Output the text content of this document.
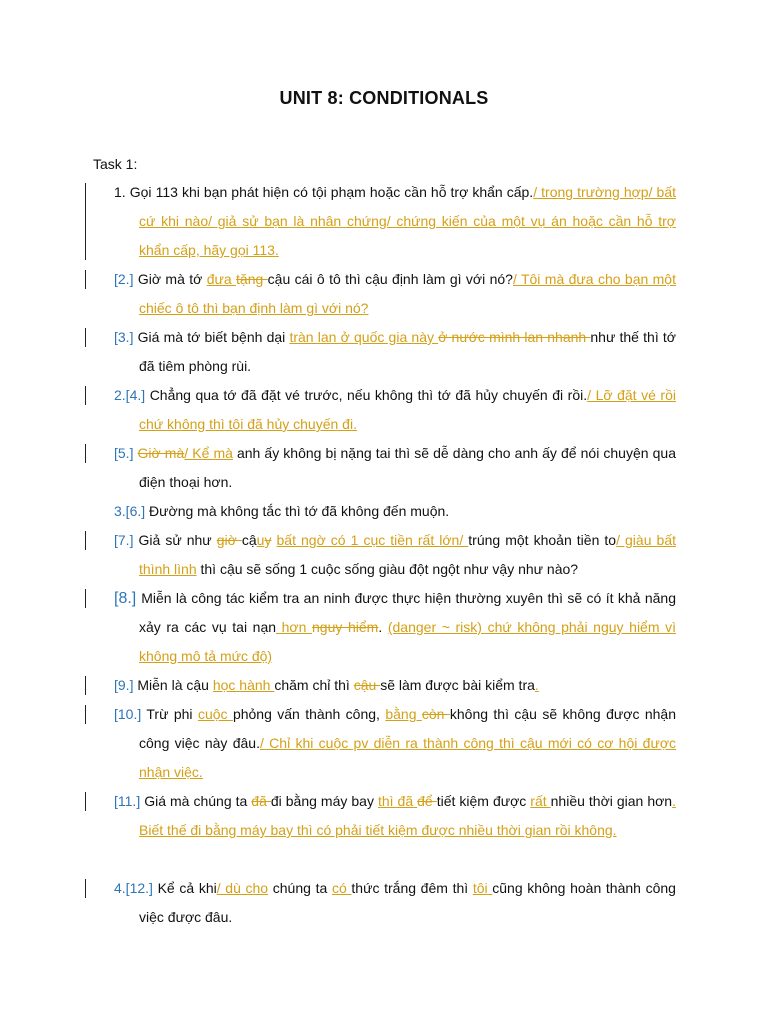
UNIT 8: CONDITIONALS
Task 1:
1. Gọi 113 khi bạn phát hiện có tội phạm hoặc cần hỗ trợ khẩn cấp./ trong trường hợp/ bất cứ khi nào/ giả sử bạn là nhân chứng/ chứng kiến của một vụ án hoặc cần hỗ trợ khẩn cấp, hãy gọi 113.
[2.] Giờ mà tớ đưa tặng cậu cái ô tô thì cậu định làm gì với nó?/ Tôi mà đưa cho bạn một chiếc ô tô thì bạn định làm gì với nó?
[3.] Giá mà tớ biết bệnh dại tràn lan ở quốc gia này ở nước mình lan nhanh như thế thì tớ đã tiêm phòng rùi.
2.[4.] Chẳng qua tớ đã đặt vé trước, nếu không thì tớ đã hủy chuyến đi rồi./ Lỡ đặt vé rồi chứ không thì tôi đã hủy chuyến đi.
[5.] Giờ mà/ Kể mà anh ấy không bị nặng tai thì sẽ dễ dàng cho anh ấy để nói chuyện qua điện thoại hơn.
3.[6.] Đường mà không tắc thì tớ đã không đến muộn.
[7.] Giả sử như giờ cậuy bất ngờ có 1 cục tiền rất lớn/ trúng một khoản tiền to/ giàu bất thình lình thì cậu sẽ sống 1 cuộc sống giàu đột ngột như vậy như nào?
[8.] Miễn là công tác kiểm tra an ninh được thực hiện thường xuyên thì sẽ có ít khả năng xảy ra các vụ tai nạn hơn nguy hiểm. (danger ~ risk) chứ không phải nguy hiểm vì không mô tả mức độ)
[9.] Miễn là cậu học hành chăm chỉ thì cậu sẽ làm được bài kiểm tra.
[10.] Trừ phi cuộc phỏng vấn thành công, bằng còn không thì cậu sẽ không được nhận công việc này đâu./ Chỉ khi cuộc pv diễn ra thành công thì cậu mới có cơ hội được nhận việc.
[11.] Giá mà chúng ta đã đi bằng máy bay thì đã để tiết kiệm được rất nhiều thời gian hơn. Biết thế đi bằng máy bay thì có phải tiết kiệm được nhiều thời gian rồi không.
4.[12.] Kể cả khi/ dù cho chúng ta có thức trắng đêm thì tôi cũng không hoàn thành công việc được đâu.
